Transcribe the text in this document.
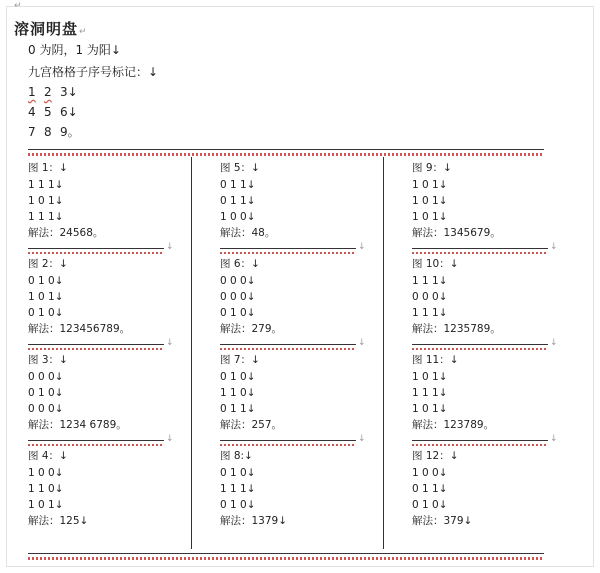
↵
溶洞明盘↵
0 为阴，1 为阳↓
九宫格格子序号标记：↓
1 2 3↓
4 5 6↓
7 8 9。
图 1：↓
1 1 1↓
1 0 1↓
1 1 1↓
解法：24568。
↓
图 2：↓
0 1 0↓
1 0 1↓
0 1 0↓
解法：123456789。
↓
图 3：↓
0 0 0↓
0 1 0↓
0 0 0↓
解法：1234 6789。
↓
图 4：↓
1 0 0↓
1 1 0↓
1 0 1↓
解法：125↓
图 5：↓
0 1 1↓
0 1 1↓
1 0 0↓
解法：48。
↓
图 6：↓
0 0 0↓
0 0 0↓
0 1 0↓
解法：279。
↓
图 7：↓
0 1 0↓
1 1 0↓
0 1 1↓
解法：257。
↓
图 8:↓
0 1 0↓
1 1 1↓
0 1 0↓
解法：1379↓
图 9：↓
1 0 1↓
1 0 1↓
1 0 1↓
解法：1345679。
↓
图 10：↓
1 1 1↓
0 0 0↓
1 1 1↓
解法：1235789。
↓
图 11：↓
1 0 1↓
1 1 1↓
1 0 1↓
解法：123789。
↓
图 12：↓
1 0 0↓
0 1 1↓
0 1 0↓
解法：379↓
